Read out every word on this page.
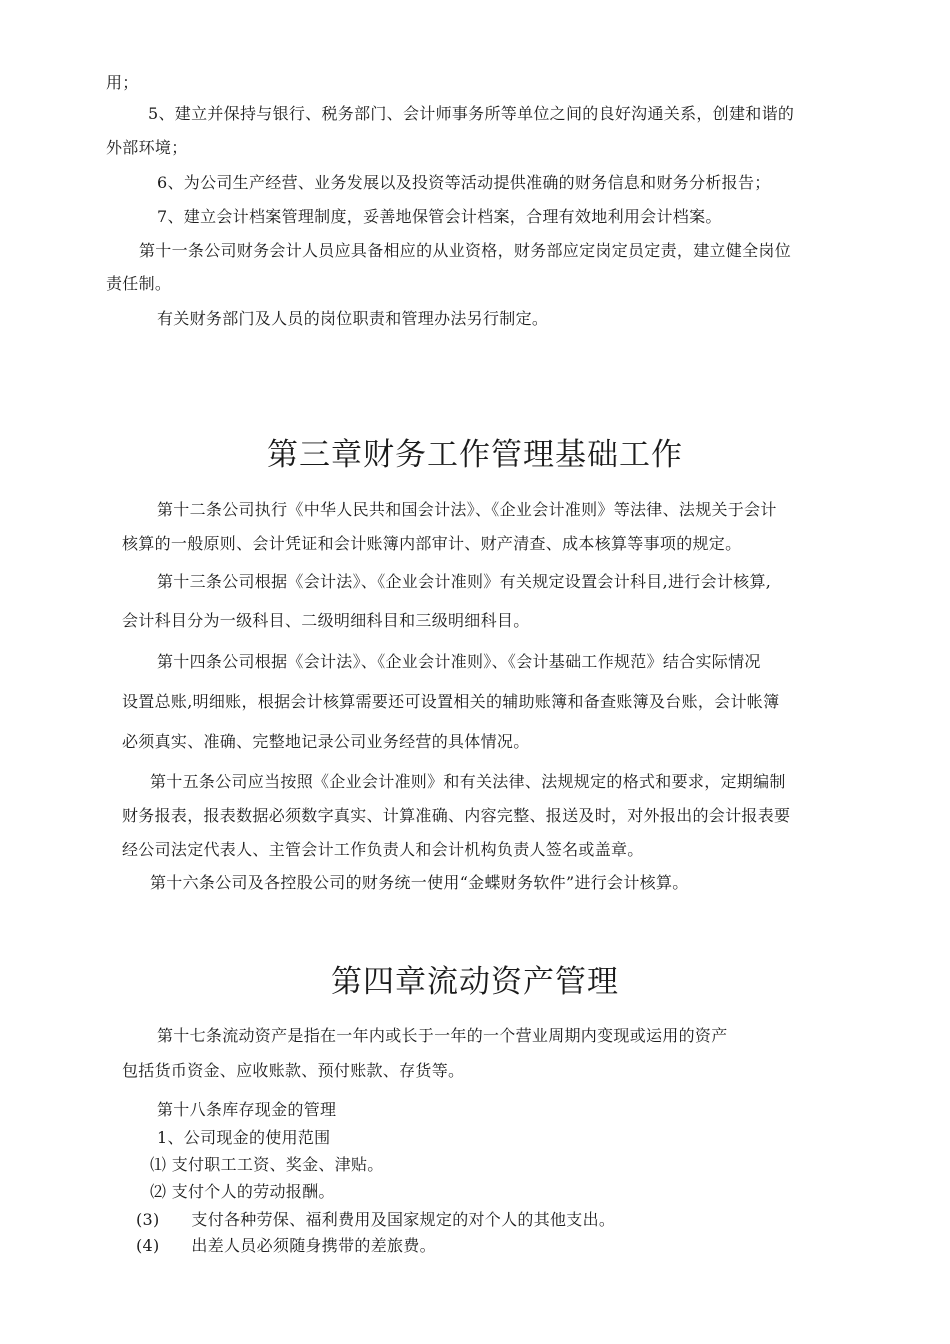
用；

5、建立并保持与银行、税务部门、会计师事务所等单位之间的良好沟通关系，创建和谐的

外部环境；

6、为公司生产经营、业务发展以及投资等活动提供准确的财务信息和财务分析报告；

7、建立会计档案管理制度，妥善地保管会计档案，合理有效地利用会计档案。

第十一条公司财务会计人员应具备相应的从业资格，财务部应定岗定员定责，建立健全岗位

责任制。

有关财务部门及人员的岗位职责和管理办法另行制定。

第三章财务工作管理基础工作

第十二条公司执行《中华人民共和国会计法》、《企业会计准则》等法律、法规关于会计

核算的一般原则、会计凭证和会计账簿内部审计、财产清查、成本核算等事项的规定。

第十三条公司根据《会计法》、《企业会计准则》有关规定设置会计科目,进行会计核算,

会计科目分为一级科目、二级明细科目和三级明细科目。

第十四条公司根据《会计法》、《企业会计准则》、《会计基础工作规范》结合实际情况

设置总账,明细账，根据会计核算需要还可设置相关的辅助账簿和备查账簿及台账，会计帐簿

必须真实、准确、完整地记录公司业务经营的具体情况。

第十五条公司应当按照《企业会计准则》和有关法律、法规规定的格式和要求，定期编制

财务报表，报表数据必须数字真实、计算准确、内容完整、报送及时，对外报出的会计报表要

经公司法定代表人、主管会计工作负责人和会计机构负责人签名或盖章。

第十六条公司及各控股公司的财务统一使用“金蝶财务软件”进行会计核算。

第四章流动资产管理

第十七条流动资产是指在一年内或长于一年的一个营业周期内变现或运用的资产

包括货币资金、应收账款、预付账款、存货等。

第十八条库存现金的管理

1、公司现金的使用范围

⑴ 支付职工工资、奖金、津贴。

⑵ 支付个人的劳动报酬。

(3) 支付各种劳保、福利费用及国家规定的对个人的其他支出。

(4) 出差人员必须随身携带的差旅费。
